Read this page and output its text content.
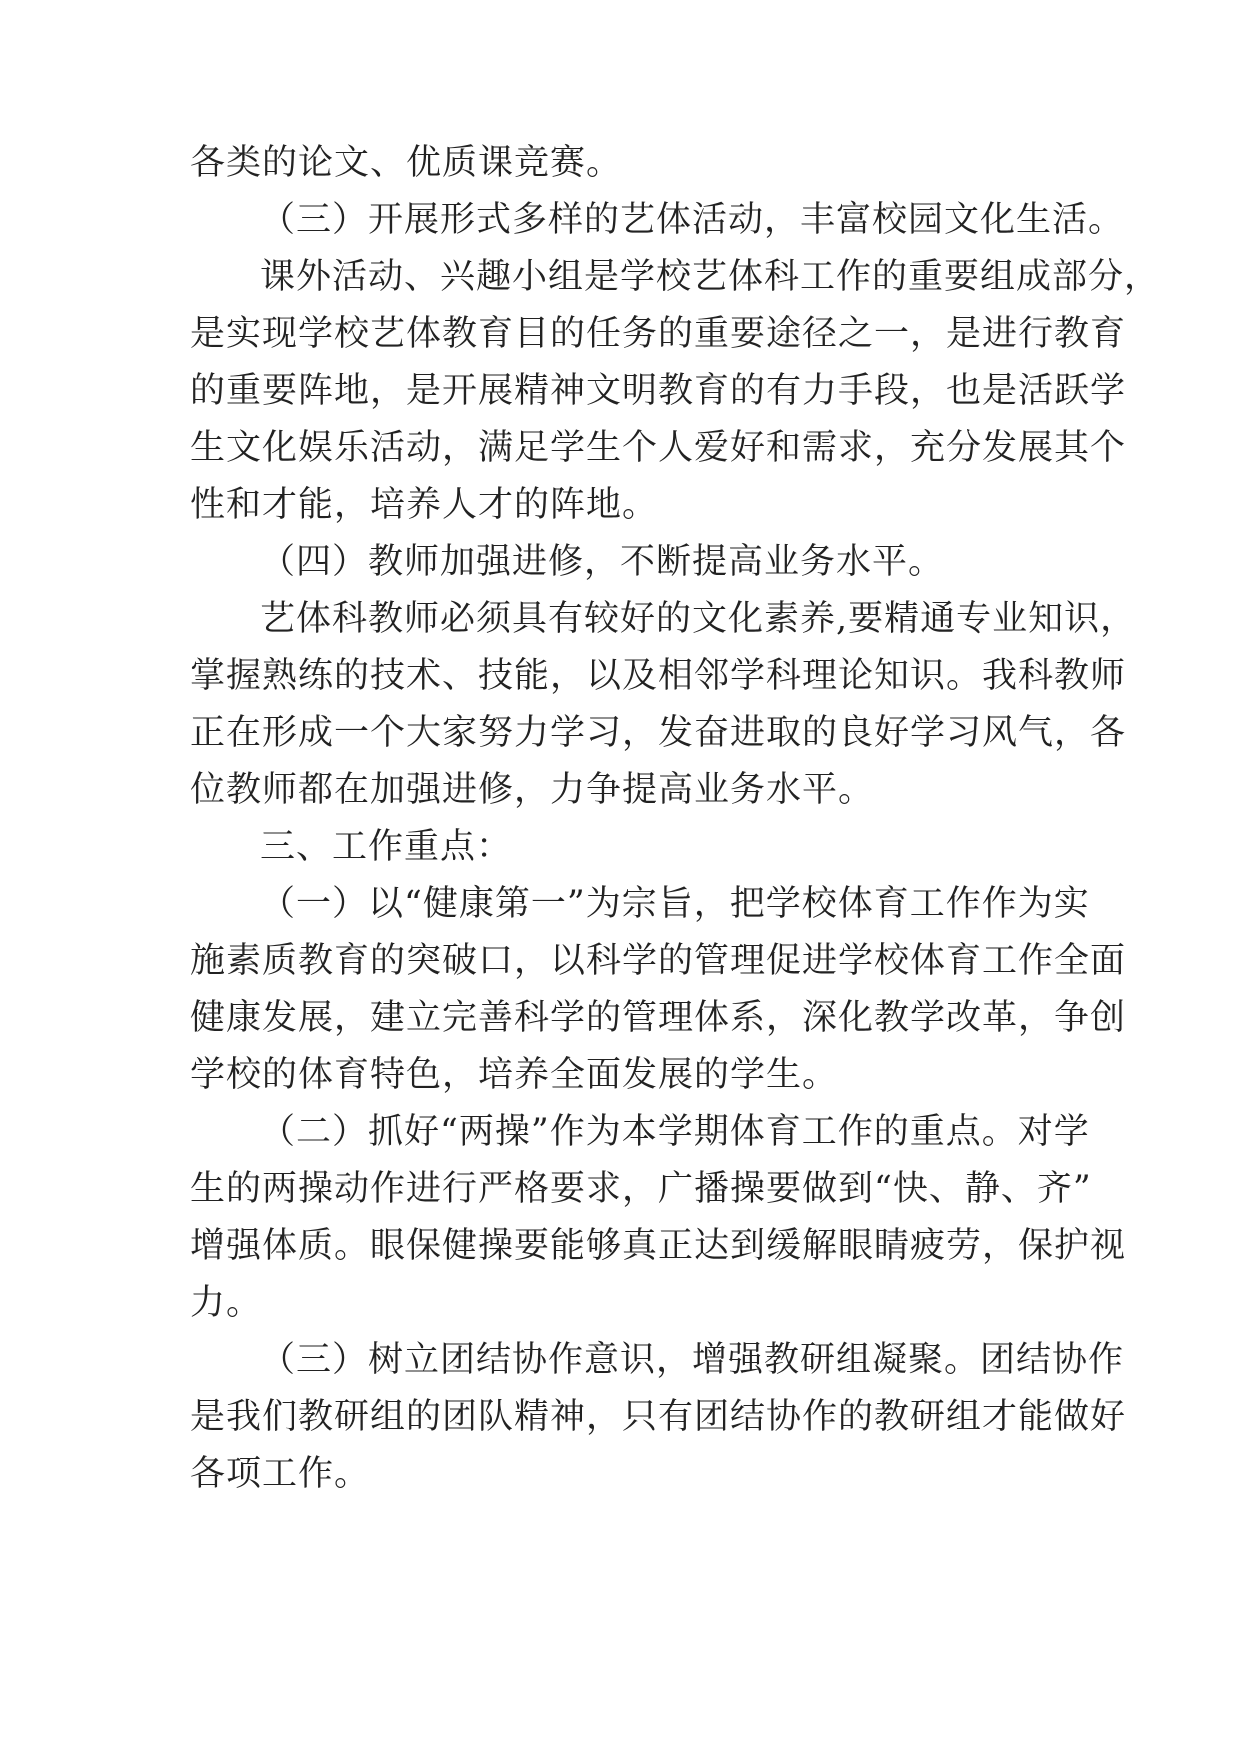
各类的论文、优质课竞赛。
（三）开展形式多样的艺体活动，丰富校园文化生活。
课外活动、兴趣小组是学校艺体科工作的重要组成部分，
是实现学校艺体教育目的任务的重要途径之一，是进行教育
的重要阵地，是开展精神文明教育的有力手段，也是活跃学
生文化娱乐活动，满足学生个人爱好和需求，充分发展其个
性和才能，培养人才的阵地。
（四）教师加强进修，不断提高业务水平。
艺体科教师必须具有较好的文化素养,要精通专业知识，
掌握熟练的技术、技能，以及相邻学科理论知识。我科教师
正在形成一个大家努力学习，发奋进取的良好学习风气，各
位教师都在加强进修，力争提高业务水平。
三、工作重点：
（一）以“健康第一”为宗旨，把学校体育工作作为实
施素质教育的突破口，以科学的管理促进学校体育工作全面
健康发展，建立完善科学的管理体系，深化教学改革，争创
学校的体育特色，培养全面发展的学生。
（二）抓好“两操”作为本学期体育工作的重点。对学
生的两操动作进行严格要求，广播操要做到“快、静、齐”
增强体质。眼保健操要能够真正达到缓解眼睛疲劳，保护视
力。
（三）树立团结协作意识，增强教研组凝聚。团结协作
是我们教研组的团队精神，只有团结协作的教研组才能做好
各项工作。
